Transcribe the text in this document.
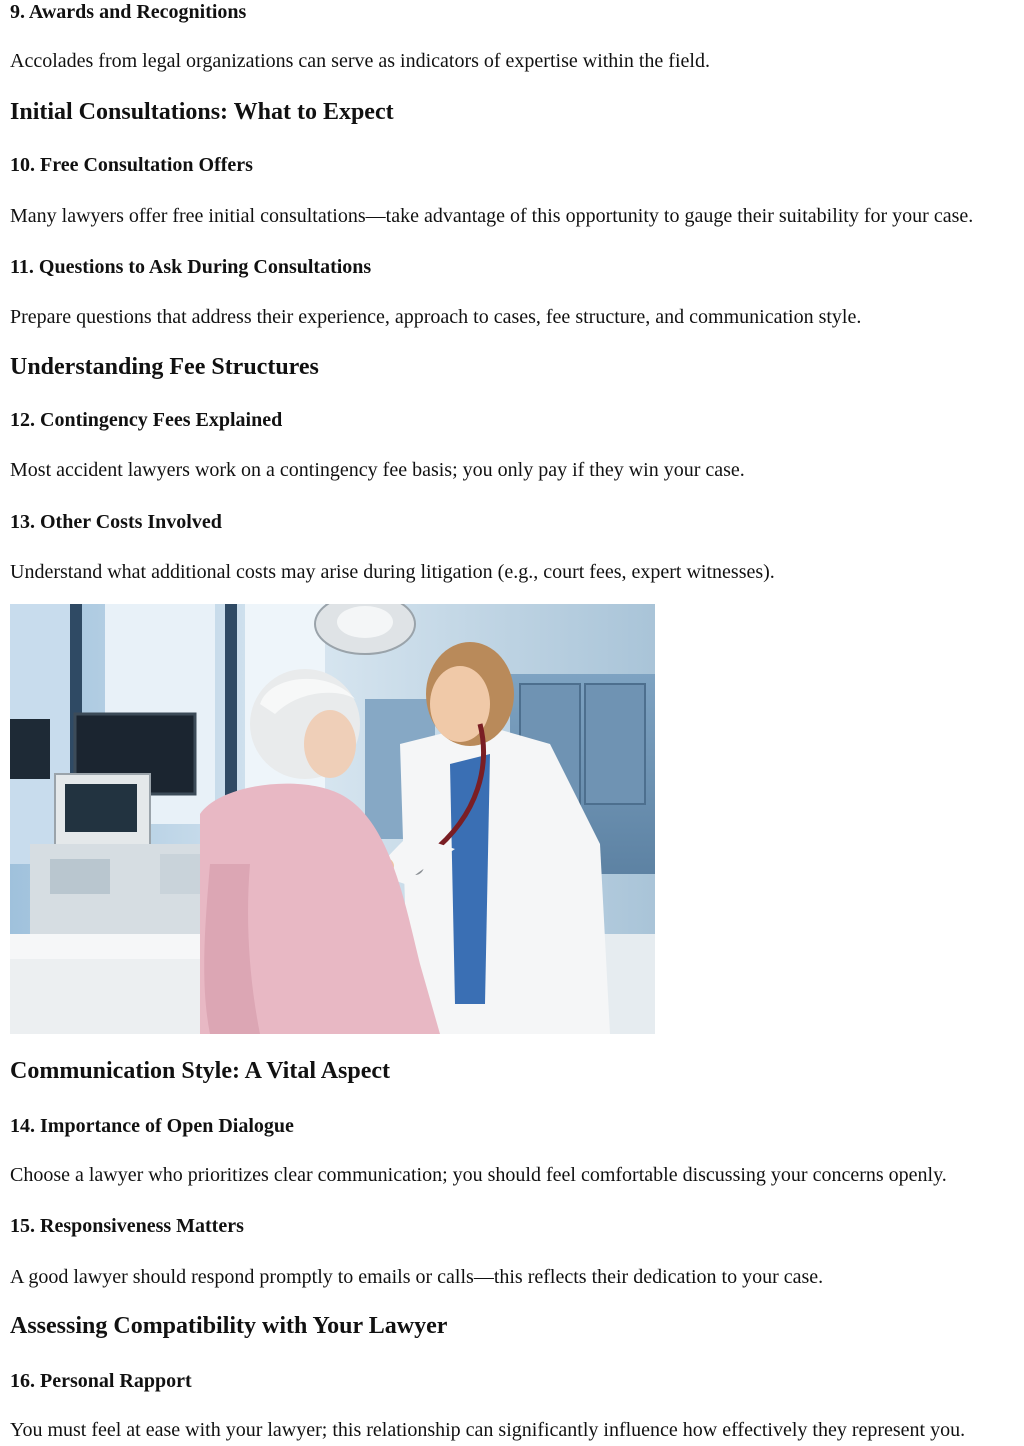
9. Awards and Recognitions

Accolades from legal organizations can serve as indicators of expertise within the field.

Initial Consultations: What to Expect
10. Free Consultation Offers

Many lawyers offer free initial consultations—take advantage of this opportunity to gauge their suitability for your case.

11. Questions to Ask During Consultations

Prepare questions that address their experience, approach to cases, fee structure, and communication style.

Understanding Fee Structures
12. Contingency Fees Explained

Most accident lawyers work on a contingency fee basis; you only pay if they win your case.

13. Other Costs Involved

Understand what additional costs may arise during litigation (e.g., court fees, expert witnesses).

Communication Style: A Vital Aspect
14. Importance of Open Dialogue

Choose a lawyer who prioritizes clear communication; you should feel comfortable discussing your concerns openly.

15. Responsiveness Matters

A good lawyer should respond promptly to emails or calls—this reflects their dedication to your case.

Assessing Compatibility with Your Lawyer
16. Personal Rapport

You must feel at ease with your lawyer; this relationship can significantly influence how effectively they represent you.
